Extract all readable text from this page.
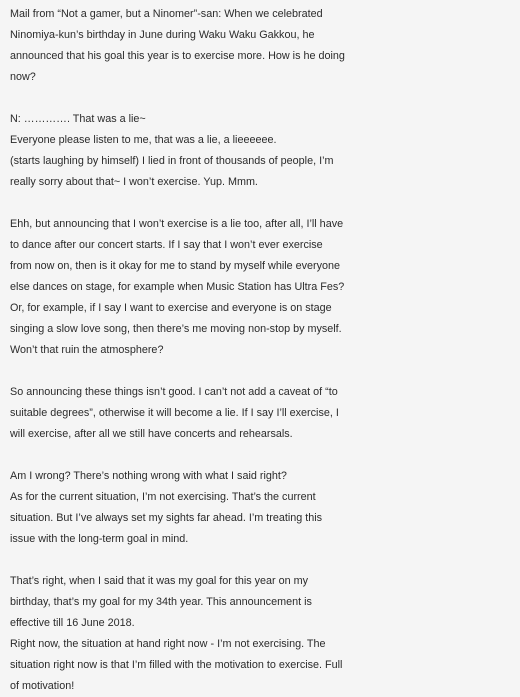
Mail from “Not a gamer, but a Ninomer”-san: When we celebrated
Ninomiya-kun’s birthday in June during Waku Waku Gakkou, he
announced that his goal this year is to exercise more. How is he doing
now?
N: …………. That was a lie~
Everyone please listen to me, that was a lie, a lieeeeee.
(starts laughing by himself) I lied in front of thousands of people, I’m
really sorry about that~ I won’t exercise. Yup. Mmm.
Ehh, but announcing that I won’t exercise is a lie too, after all, I’ll have
to dance after our concert starts. If I say that I won’t ever exercise
from now on, then is it okay for me to stand by myself while everyone
else dances on stage, for example when Music Station has Ultra Fes?
Or, for example, if I say I want to exercise and everyone is on stage
singing a slow love song, then there’s me moving non-stop by myself.
Won’t that ruin the atmosphere?
So announcing these things isn’t good. I can’t not add a caveat of “to
suitable degrees”, otherwise it will become a lie. If I say I’ll exercise, I
will exercise, after all we still have concerts and rehearsals.
Am I wrong? There’s nothing wrong with what I said right?
As for the current situation, I’m not exercising. That’s the current
situation. But I’ve always set my sights far ahead. I’m treating this
issue with the long-term goal in mind.
That’s right, when I said that it was my goal for this year on my
birthday, that’s my goal for my 34th year. This announcement is
effective till 16 June 2018.
Right now, the situation at hand right now - I’m not exercising. The
situation right now is that I’m filled with the motivation to exercise. Full
of motivation!
